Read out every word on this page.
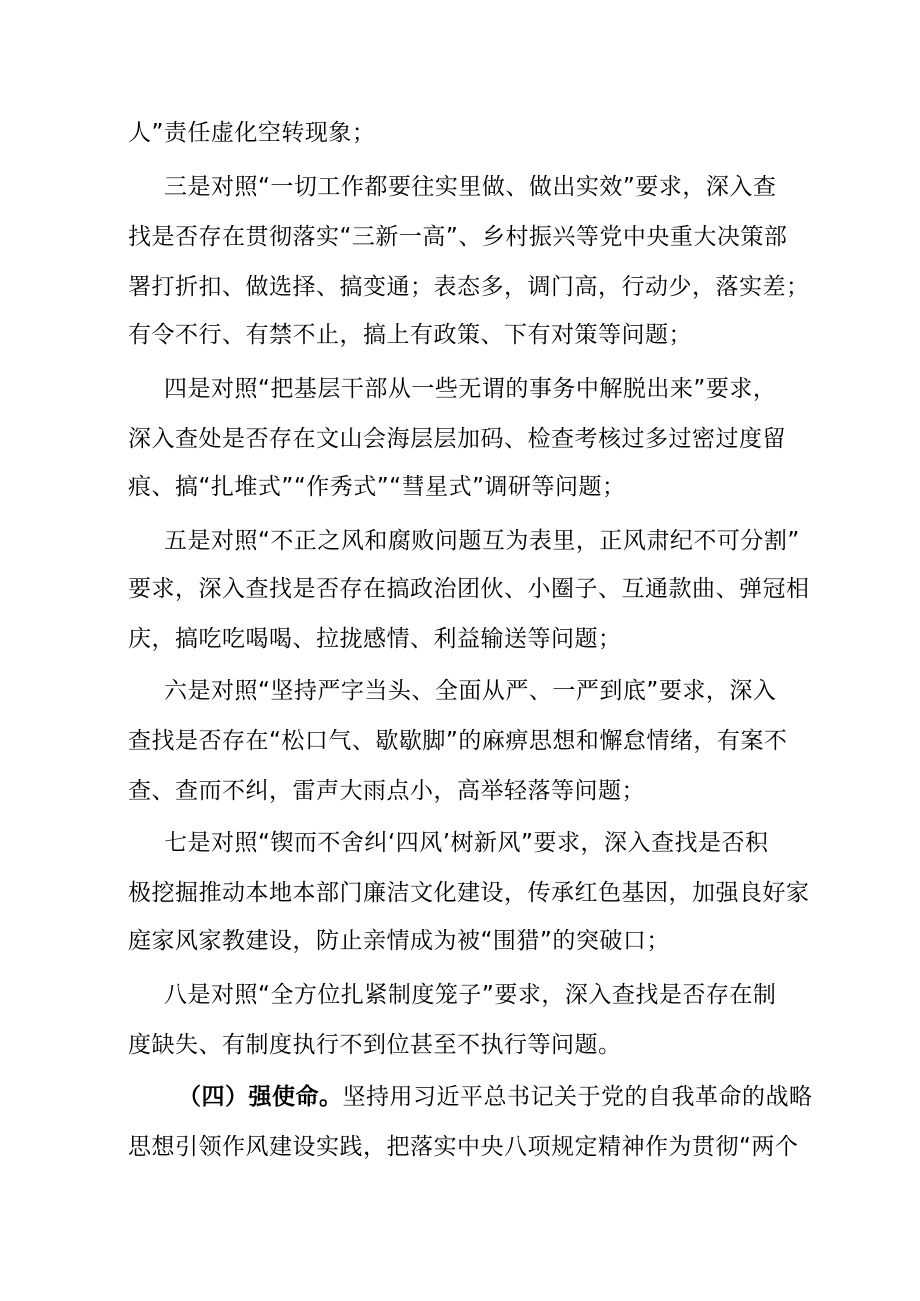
人”责任虚化空转现象；
三是对照“一切工作都要往实里做、做出实效”要求，深入查
找是否存在贯彻落实“三新一高”、乡村振兴等党中央重大决策部
署打折扣、做选择、搞变通；表态多，调门高，行动少，落实差；
有令不行、有禁不止，搞上有政策、下有对策等问题；
四是对照“把基层干部从一些无谓的事务中解脱出来”要求，
深入查处是否存在文山会海层层加码、检查考核过多过密过度留
痕、搞“扎堆式”“作秀式”“彗星式”调研等问题；
五是对照“不正之风和腐败问题互为表里，正风肃纪不可分割”
要求，深入查找是否存在搞政治团伙、小圈子、互通款曲、弹冠相
庆，搞吃吃喝喝、拉拢感情、利益输送等问题；
六是对照“坚持严字当头、全面从严、一严到底”要求，深入
查找是否存在“松口气、歇歇脚”的麻痹思想和懈怠情绪，有案不
查、查而不纠，雷声大雨点小，高举轻落等问题；
七是对照“锲而不舍纠‘四风’树新风”要求，深入查找是否积
极挖掘推动本地本部门廉洁文化建设，传承红色基因，加强良好家
庭家风家教建设，防止亲情成为被“围猎”的突破口；
八是对照“全方位扎紧制度笼子”要求，深入查找是否存在制
度缺失、有制度执行不到位甚至不执行等问题。
（四）强使命。坚持用习近平总书记关于党的自我革命的战略
思想引领作风建设实践，把落实中央八项规定精神作为贯彻“两个
